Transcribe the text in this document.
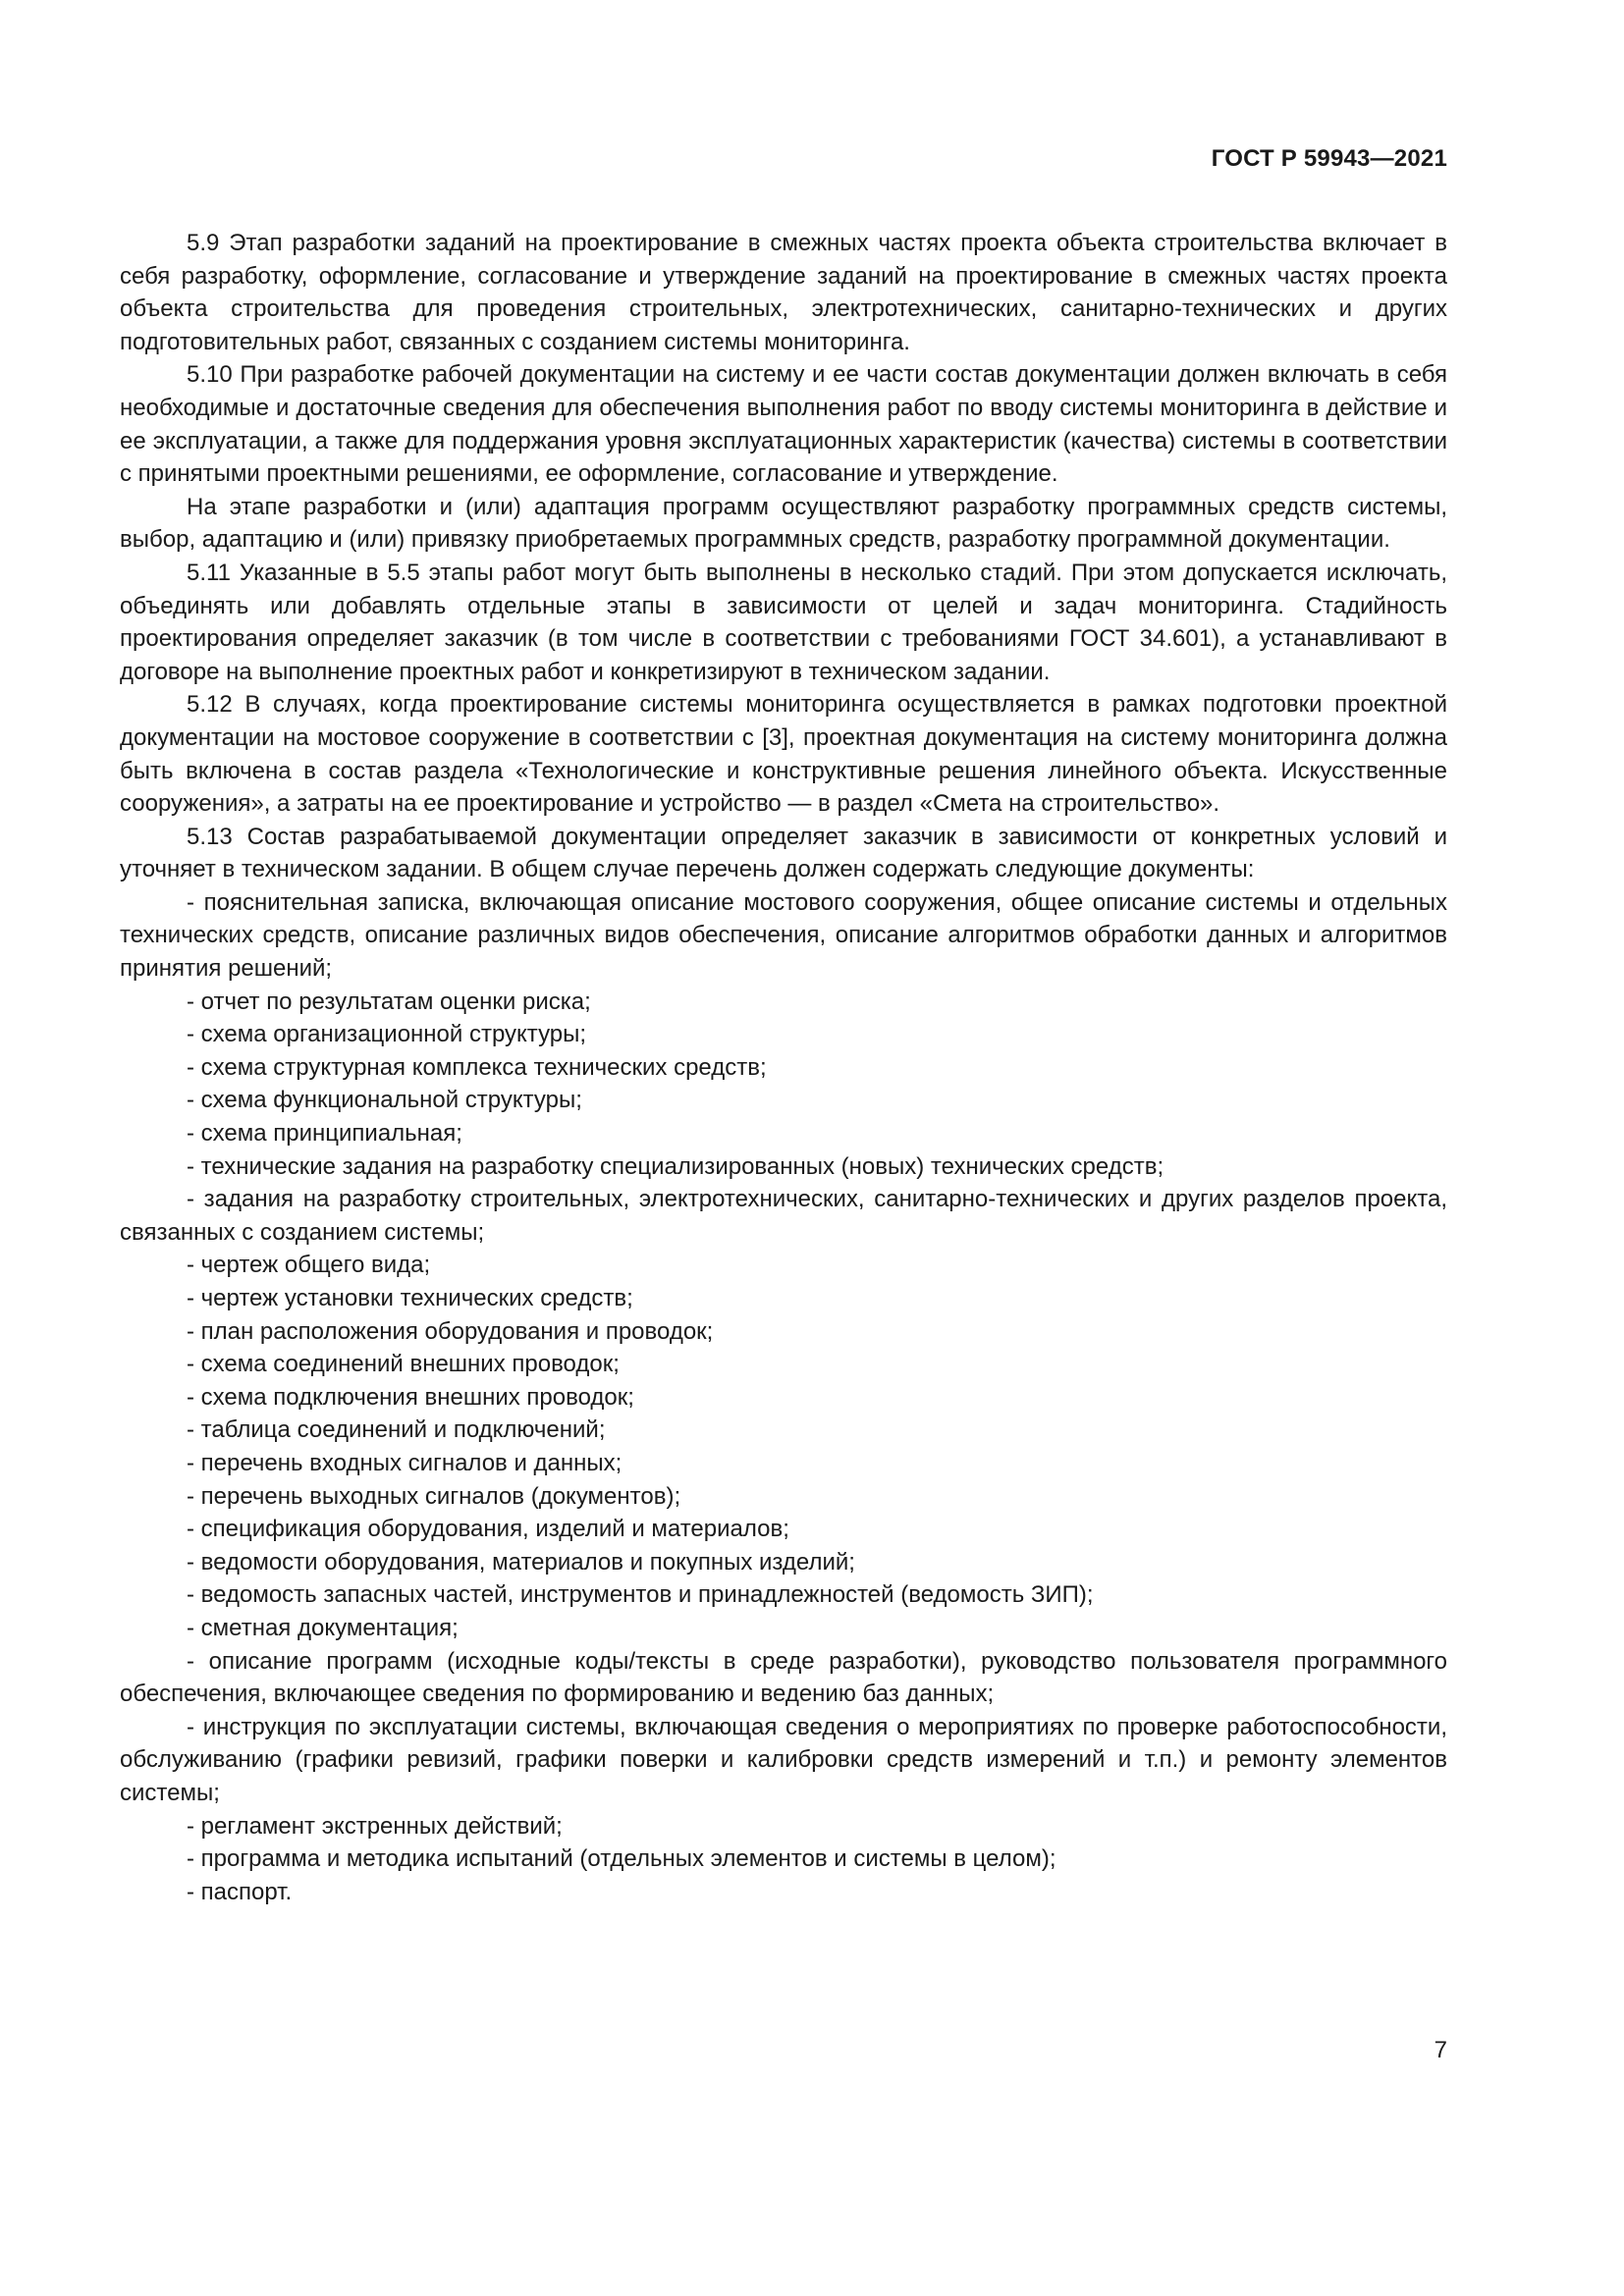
ГОСТ Р 59943—2021

5.9 Этап разработки заданий на проектирование в смежных частях проекта объекта строительства включает в себя разработку, оформление, согласование и утверждение заданий на проектирование в смежных частях проекта объекта строительства для проведения строительных, электротехнических, санитарно-технических и других подготовительных работ, связанных с созданием системы мониторинга.

5.10 При разработке рабочей документации на систему и ее части состав документации должен включать в себя необходимые и достаточные сведения для обеспечения выполнения работ по вводу системы мониторинга в действие и ее эксплуатации, а также для поддержания уровня эксплуатационных характеристик (качества) системы в соответствии с принятыми проектными решениями, ее оформление, согласование и утверждение.

На этапе разработки и (или) адаптация программ осуществляют разработку программных средств системы, выбор, адаптацию и (или) привязку приобретаемых программных средств, разработку программной документации.

5.11 Указанные в 5.5 этапы работ могут быть выполнены в несколько стадий. При этом допускается исключать, объединять или добавлять отдельные этапы в зависимости от целей и задач мониторинга. Стадийность проектирования определяет заказчик (в том числе в соответствии с требованиями ГОСТ 34.601), а устанавливают в договоре на выполнение проектных работ и конкретизируют в техническом задании.

5.12 В случаях, когда проектирование системы мониторинга осуществляется в рамках подготовки проектной документации на мостовое сооружение в соответствии с [3], проектная документация на систему мониторинга должна быть включена в состав раздела «Технологические и конструктивные решения линейного объекта. Искусственные сооружения», а затраты на ее проектирование и устройство — в раздел «Смета на строительство».

5.13 Состав разрабатываемой документации определяет заказчик в зависимости от конкретных условий и уточняет в техническом задании. В общем случае перечень должен содержать следующие документы:

- пояснительная записка, включающая описание мостового сооружения, общее описание системы и отдельных технических средств, описание различных видов обеспечения, описание алгоритмов обработки данных и алгоритмов принятия решений;

- отчет по результатам оценки риска;

- схема организационной структуры;

- схема структурная комплекса технических средств;

- схема функциональной структуры;

- схема принципиальная;

- технические задания на разработку специализированных (новых) технических средств;

- задания на разработку строительных, электротехнических, санитарно-технических и других разделов проекта, связанных с созданием системы;

- чертеж общего вида;

- чертеж установки технических средств;

- план расположения оборудования и проводок;

- схема соединений внешних проводок;

- схема подключения внешних проводок;

- таблица соединений и подключений;

- перечень входных сигналов и данных;

- перечень выходных сигналов (документов);

- спецификация оборудования, изделий и материалов;

- ведомости оборудования, материалов и покупных изделий;

- ведомость запасных частей, инструментов и принадлежностей (ведомость ЗИП);

- сметная документация;

- описание программ (исходные коды/тексты в среде разработки), руководство пользователя программного обеспечения, включающее сведения по формированию и ведению баз данных;

- инструкция по эксплуатации системы, включающая сведения о мероприятиях по проверке работоспособности, обслуживанию (графики ревизий, графики поверки и калибровки средств измерений и т.п.) и ремонту элементов системы;

- регламент экстренных действий;

- программа и методика испытаний (отдельных элементов и системы в целом);

- паспорт.

7
